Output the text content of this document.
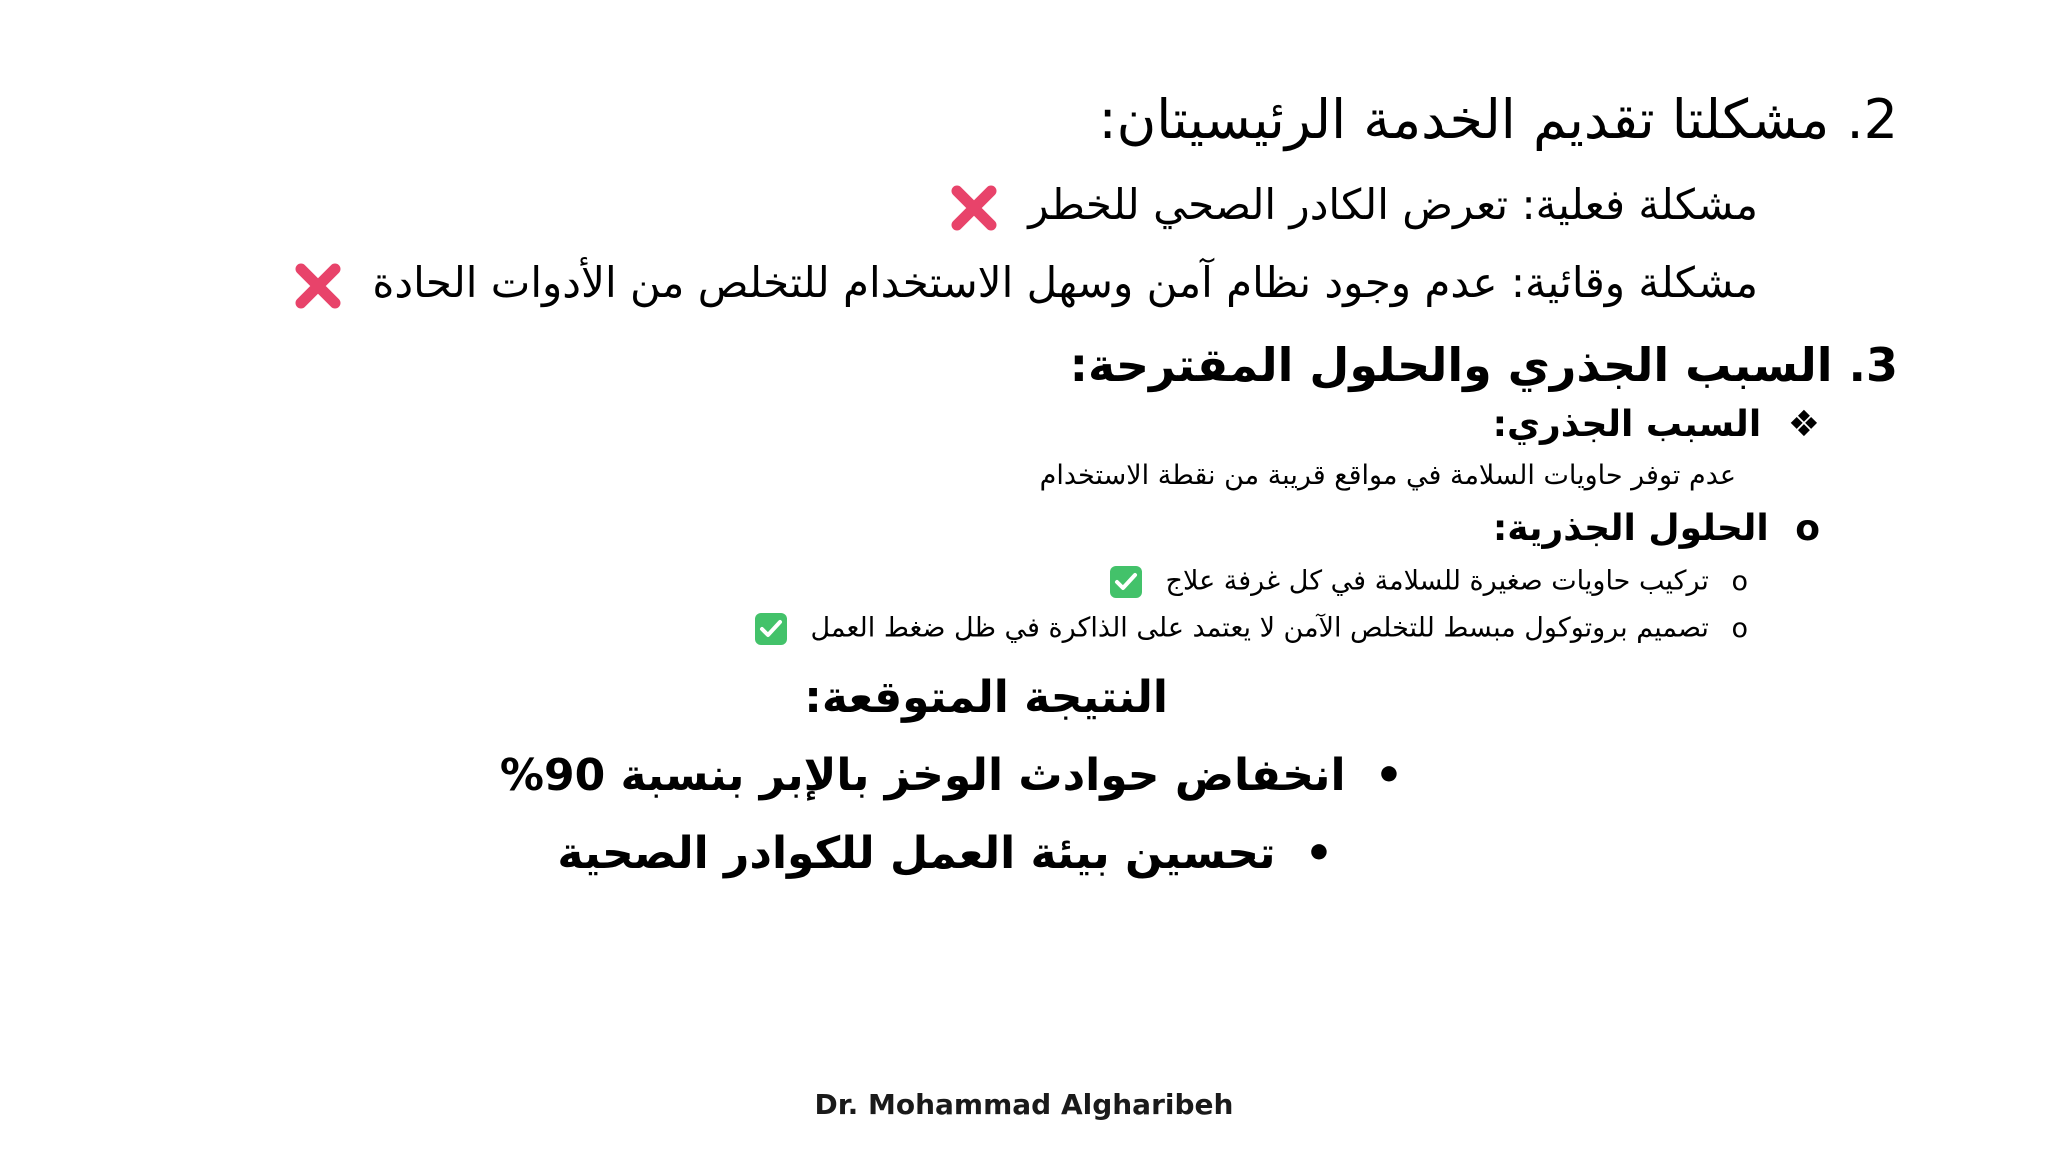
2. مشكلتا تقديم الخدمة الرئيسيتان:
مشكلة فعلية: تعرض الكادر الصحي للخطر
مشكلة وقائية: عدم وجود نظام آمن وسهل الاستخدام للتخلص من الأدوات الحادة
3. السبب الجذري والحلول المقترحة:
❖ السبب الجذري:
عدم توفر حاويات السلامة في مواقع قريبة من نقطة الاستخدام
o الحلول الجذرية:
o تركيب حاويات صغيرة للسلامة في كل غرفة علاج
o تصميم بروتوكول مبسط للتخلص الآمن لا يعتمد على الذاكرة في ظل ضغط العمل
النتيجة المتوقعة:
• انخفاض حوادث الوخز بالإبر بنسبة 90%
• تحسين بيئة العمل للكوادر الصحية
Dr. Mohammad Algharibeh
